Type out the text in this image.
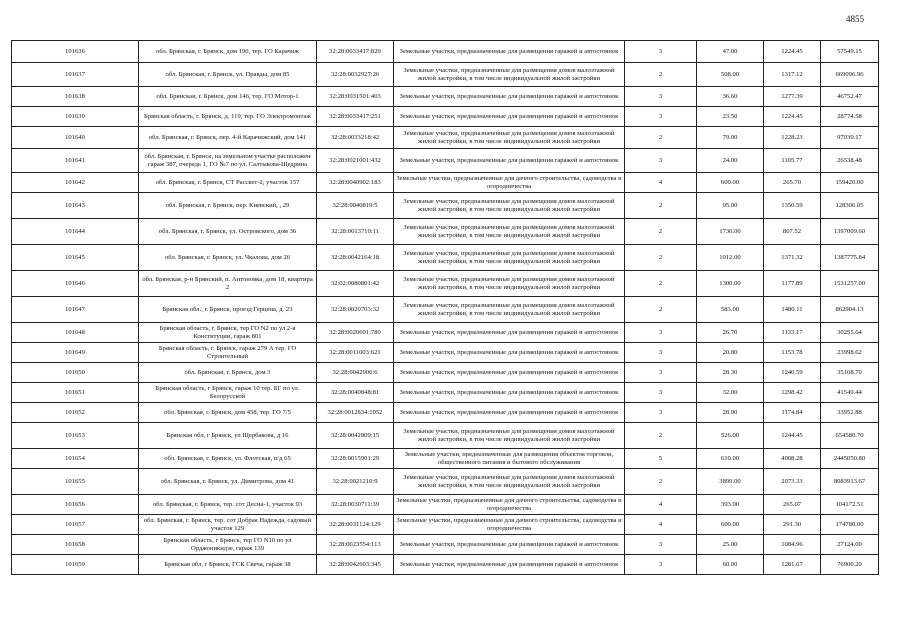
4855
101636	обл. Брянская, г. Брянск, дом 190, тер. ГО Карачиж	32:28:0033417:820	Земельные участки, предназначенные для размещения гаражей и автостоянок	3	47.00	1224.45	57549.15
101637	обл. Брянская, г. Брянск, ул. Правды, дом 85	32:28:0032927:26	Земельные участки, предназначенные для размещения домов малоэтажной жилой застройки, в том числе индивидуальной жилой застройки	2	508.00	1317.12	669096.96
101638	обл. Брянская, г. Брянск, дом 146, тер. ГО Мотор-1	32:28:0031501:403	Земельные участки, предназначенные для размещения гаражей и автостоянок	3	36.60	1277.39	46752.47
101639	Брянская область, г. Брянск, д. 119, тер. ГО Электромонтаж	32:28:0033417:251	Земельные участки, предназначенные для размещения гаражей и автостоянок	3	23.50	1224.45	28774.58
101640	обл. Брянская, г. Брянск, пер. 4-й Карачижский, дом 141	32:28:0033218:42	Земельные участки, предназначенные для размещения домов малоэтажной жилой застройки, в том числе индивидуальной жилой застройки	2	79.00	1228.23	97030.17
101641	обл. Брянская, г. Брянск, на земельном участке расположен гараж 387, очередь 1, ГО №7 по ул. Салтыкова-Щедрина	32:28:0021001:432	Земельные участки, предназначенные для размещения гаражей и автостоянок	3	24.00	1105.77	26538.48
101642	обл. Брянская, г. Брянск, СТ Рассвет-2, участок 157	32:28:0040902:183	Земельные участки, предназначенные для дачного строительства, садоводства и огородничества	4	600.00	265.70	159420.00
101643	обл. Брянская, г. Брянск, пер. Киевский, , 29	32:28:0040819:5	Земельные участки, предназначенные для размещения домов малоэтажной жилой застройки, в том числе индивидуальной жилой застройки	2	95.00	1350.59	128306.05
101644	обл. Брянская, г. Брянск, ул. Островского, дом 36	32:28:0013710:11	Земельные участки, предназначенные для размещения домов малоэтажной жилой застройки, в том числе индивидуальной жилой застройки	2	1730.00	807.52	1397009.60
101645	обл. Брянская, г. Брянск, ул. Чкалова, дом 26	32:28:0042164:18	Земельные участки, предназначенные для размещения домов малоэтажной жилой застройки, в том числе индивидуальной жилой застройки	2	1012.00	1371.32	1387775.84
101646	обл. Брянская, р-н Брянский, п. Антоновка, дом 18, квартира 2	32:02:0080801:42	Земельные участки, предназначенные для размещения домов малоэтажной жилой застройки, в том числе индивидуальной жилой застройки	2	1300.00	1177.89	1531257.00
101647	Брянская обл., г. Брянск, проезд Герцена, д. 23	32:28:0020703:32	Земельные участки, предназначенные для размещения домов малоэтажной жилой застройки, в том числе индивидуальной жилой застройки	2	583.00	1480.11	862904.13
101648	Брянская область, г. Брянск, тер ГО N2 по ул 2-я Конституции, гараж 801	32:28:0020601:780	Земельные участки, предназначенные для размещения гаражей и автостоянок	3	26.70	1133.17	30255.64
101649	Брянская область, г. Брянск, гараж 279 А тер. ГО Строительный	32:28:0011003:621	Земельные участки, предназначенные для размещения гаражей и автостоянок	3	20.80	1153.78	23998.62
101650	обл. Брянская, г. Брянск, дом 3	32:28:0042906:6	Земельные участки, предназначенные для размещения гаражей и автостоянок	3	28.30	1240.59	35108.70
101651	Брянская область, г Брянск, гараж 10 тер. БГ по ул. Белорусской	32:28:0040848:81	Земельные участки, предназначенные для размещения гаражей и автостоянок	3	32.00	1298.42	41549.44
101652	обл. Брянская, г. Брянск, дом 458, тер. ГО 7/5	32:28:0012834:1052	Земельные участки, предназначенные для размещения гаражей и автостоянок	3	28.90	1174.84	33952.88
101653	Брянская обл, г Брянск, ул Щербакова, д 16	32:28:0042809:15	Земельные участки, предназначенные для размещения домов малоэтажной жилой застройки, в том числе индивидуальной жилой застройки	2	526.00	1244.45	654580.70
101654	обл. Брянская, г. Брянск, ул. Флотская, п/д 65	32:28:0015901:29	Земельные участки, предназначенные для размещения объектов торговли, общественного питания и бытового обслуживания	5	610.00	4008.28	2445050.80
101655	обл. Брянская, г. Брянск, ул. Димитрова, дом 41	32:28:0021210:9	Земельные участки, предназначенные для размещения домов малоэтажной жилой застройки, в том числе индивидуальной жилой застройки	2	3899.00	2073.33	8083913.67
101656	обл. Брянская, г. Брянск, тер. сот Десна-1, участок 93	32:28:0030711:39	Земельные участки, предназначенные для дачного строительства, садоводства и огородничества	4	393.00	265.07	104172.51
101657	обл. Брянская, г. Брянск, тер. сот Добрая Надежда, садовый участок 129	32:28:0031124:129	Земельные участки, предназначенные для дачного строительства, садоводства и огородничества	4	600.00	291.30	174780.00
101658	Брянская область, г Брянск, тер ГО N10 по ул Орджоникидзе, гараж 139	32:28:0023554:113	Земельные участки, предназначенные для размещения гаражей и автостоянок	3	25.00	1084.96	27124.00
101659	Брянская обл, г Брянск, ГСК Свеча, гараж 38	32:28:0042603:345	Земельные участки, предназначенные для размещения гаражей и автостоянок	3	60.00	1281.67	76900.20
